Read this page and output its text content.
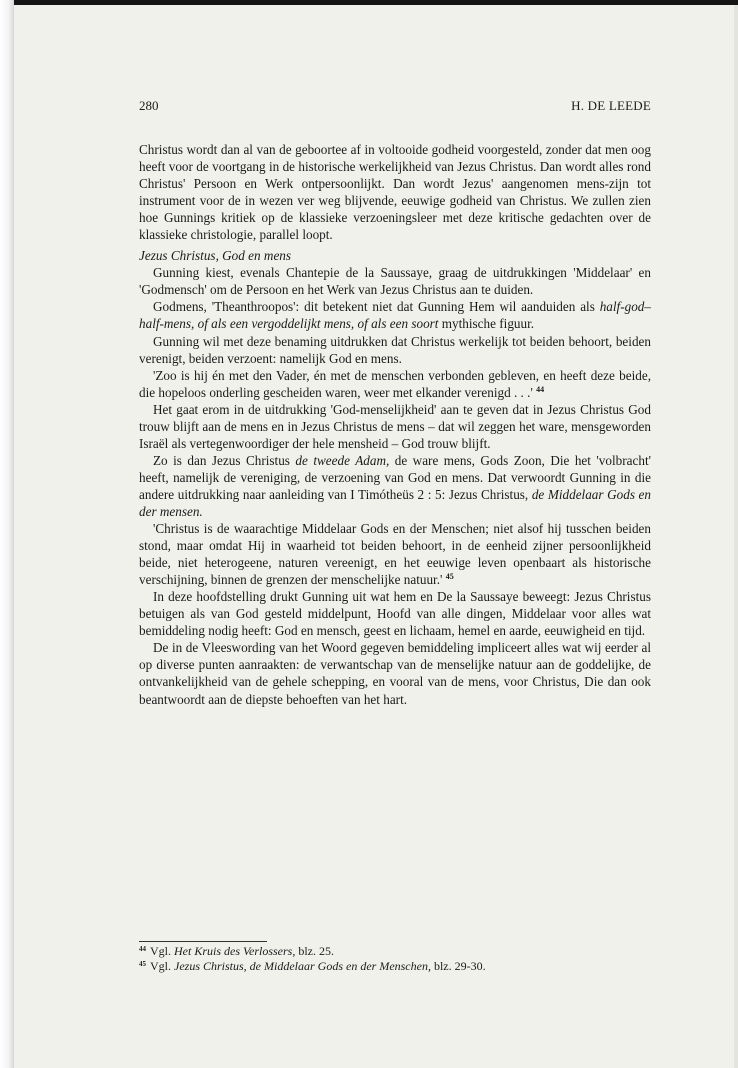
280	H. DE LEEDE

Christus wordt dan al van de geboortee af in voltooide godheid voorgesteld, zonder dat men oog heeft voor de voortgang in de historische werkelijkheid van Jezus Christus. Dan wordt alles rond Christus' Persoon en Werk ontpersoonlijkt. Dan wordt Jezus' aangenomen mens-zijn tot instrument voor de in wezen ver weg blijvende, eeuwige godheid van Christus. We zullen zien hoe Gunnings kritiek op de klassieke verzoeningsleer met deze kritische gedachten over de klassieke christologie, parallel loopt.

Jezus Christus, God en mens

Gunning kiest, evenals Chantepie de la Saussaye, graag de uitdrukkingen 'Middelaar' en 'Godmensch' om de Persoon en het Werk van Jezus Christus aan te duiden.

Godmens, 'Theanthroopos': dit betekent niet dat Gunning Hem wil aanduiden als half-god–half-mens, of als een vergoddelijkt mens, of als een soort mythische figuur.

Gunning wil met deze benaming uitdrukken dat Christus werkelijk tot beiden behoort, beiden verenigt, beiden verzoent: namelijk God en mens.

'Zoo is hij én met den Vader, én met de menschen verbonden gebleven, en heeft deze beide, die hopeloos onderling gescheiden waren, weer met elkander verenigd . . .' $^{44}$

Het gaat erom in de uitdrukking 'God-menselijkheid' aan te geven dat in Jezus Christus God trouw blijft aan de mens en in Jezus Christus de mens – dat wil zeggen het ware, mensgeworden Israël als vertegenwoordiger der hele mensheid – God trouw blijft.

Zo is dan Jezus Christus de tweede Adam, de ware mens, Gods Zoon, Die het 'volbracht' heeft, namelijk de vereniging, de verzoening van God en mens. Dat verwoordt Gunning in die andere uitdrukking naar aanleiding van I Timótheüs 2 : 5: Jezus Christus, de Middelaar Gods en der mensen.

'Christus is de waarachtige Middelaar Gods en der Menschen; niet alsof hij tusschen beiden stond, maar omdat Hij in waarheid tot beiden behoort, in de eenheid zijner persoonlijkheid beide, niet heterogeene, naturen vereenigt, en het eeuwige leven openbaart als historische verschijning, binnen de grenzen der menschelijke natuur.' $^{45}$

In deze hoofdstelling drukt Gunning uit wat hem en De la Saussaye beweegt: Jezus Christus betuigen als van God gesteld middelpunt, Hoofd van alle dingen, Middelaar voor alles wat bemiddeling nodig heeft: God en mensch, geest en lichaam, hemel en aarde, eeuwigheid en tijd.

De in de Vleeswording van het Woord gegeven bemiddeling impliceert alles wat wij eerder al op diverse punten aanraakten: de verwantschap van de menselijke natuur aan de goddelijke, de ontvankelijkheid van de gehele schepping, en vooral van de mens, voor Christus, Die dan ook beantwoordt aan de diepste behoeften van het hart.

$^{44}$ Vgl. Het Kruis des Verlossers, blz. 25.

$^{45}$ Vgl. Jezus Christus, de Middelaar Gods en der Menschen, blz. 29-30.
